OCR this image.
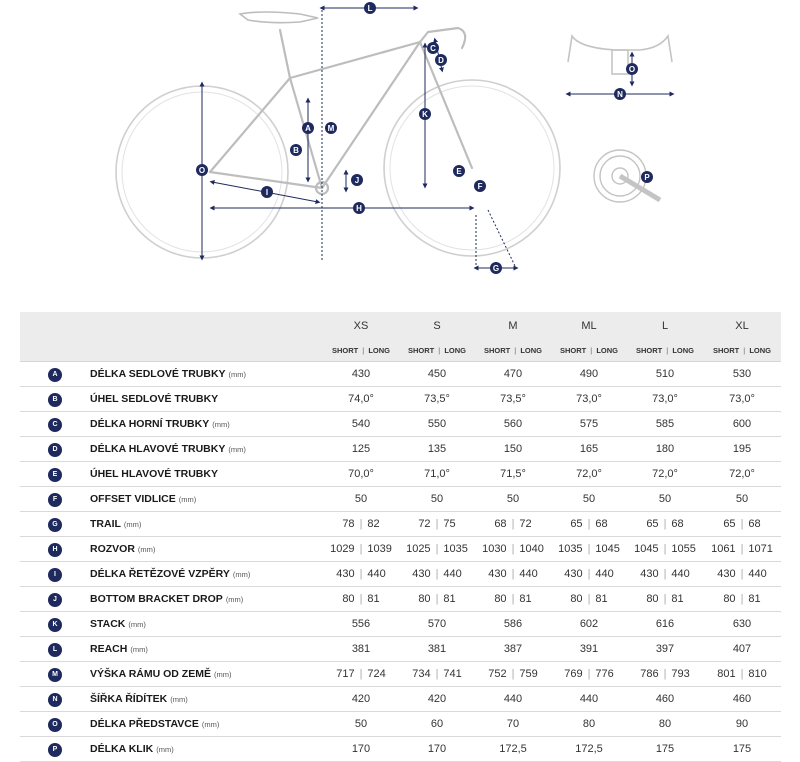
L
D
C
A M
K
B
O
J
E
F
I
H
G
O
N
P
		XS	S	M	ML	L	XL
		SHORT | LONG	SHORT | LONG	SHORT | LONG	SHORT | LONG	SHORT | LONG	SHORT | LONG
A	DÉLKA SEDLOVÉ TRUBKY (mm)	430	450	470	490	510	530
B	ÚHEL SEDLOVÉ TRUBKY	74,0°	73,5°	73,5°	73,0°	73,0°	73,0°
C	DÉLKA HORNÍ TRUBKY (mm)	540	550	560	575	585	600
D	DÉLKA HLAVOVÉ TRUBKY (mm)	125	135	150	165	180	195
E	ÚHEL HLAVOVÉ TRUBKY	70,0°	71,0°	71,5°	72,0°	72,0°	72,0°
F	OFFSET VIDLICE (mm)	50	50	50	50	50	50
G	TRAIL (mm)	78 | 82	72 | 75	68 | 72	65 | 68	65 | 68	65 | 68
H	ROZVOR (mm)	1029 | 1039	1025 | 1035	1030 | 1040	1035 | 1045	1045 | 1055	1061 | 1071
I	DÉLKA ŘETĚZOVÉ VZPĚRY (mm)	430 | 440	430 | 440	430 | 440	430 | 440	430 | 440	430 | 440
J	BOTTOM BRACKET DROP (mm)	80 | 81	80 | 81	80 | 81	80 | 81	80 | 81	80 | 81
K	STACK (mm)	556	570	586	602	616	630
L	REACH (mm)	381	381	387	391	397	407
M	VÝŠKA RÁMU OD ZEMĚ (mm)	717 | 724	734 | 741	752 | 759	769 | 776	786 | 793	801 | 810
N	ŠÍŘKA ŘÍDÍTEK (mm)	420	420	440	440	460	460
O	DÉLKA PŘEDSTAVCE (mm)	50	60	70	80	80	90
P	DÉLKA KLIK (mm)	170	170	172,5	172,5	175	175
